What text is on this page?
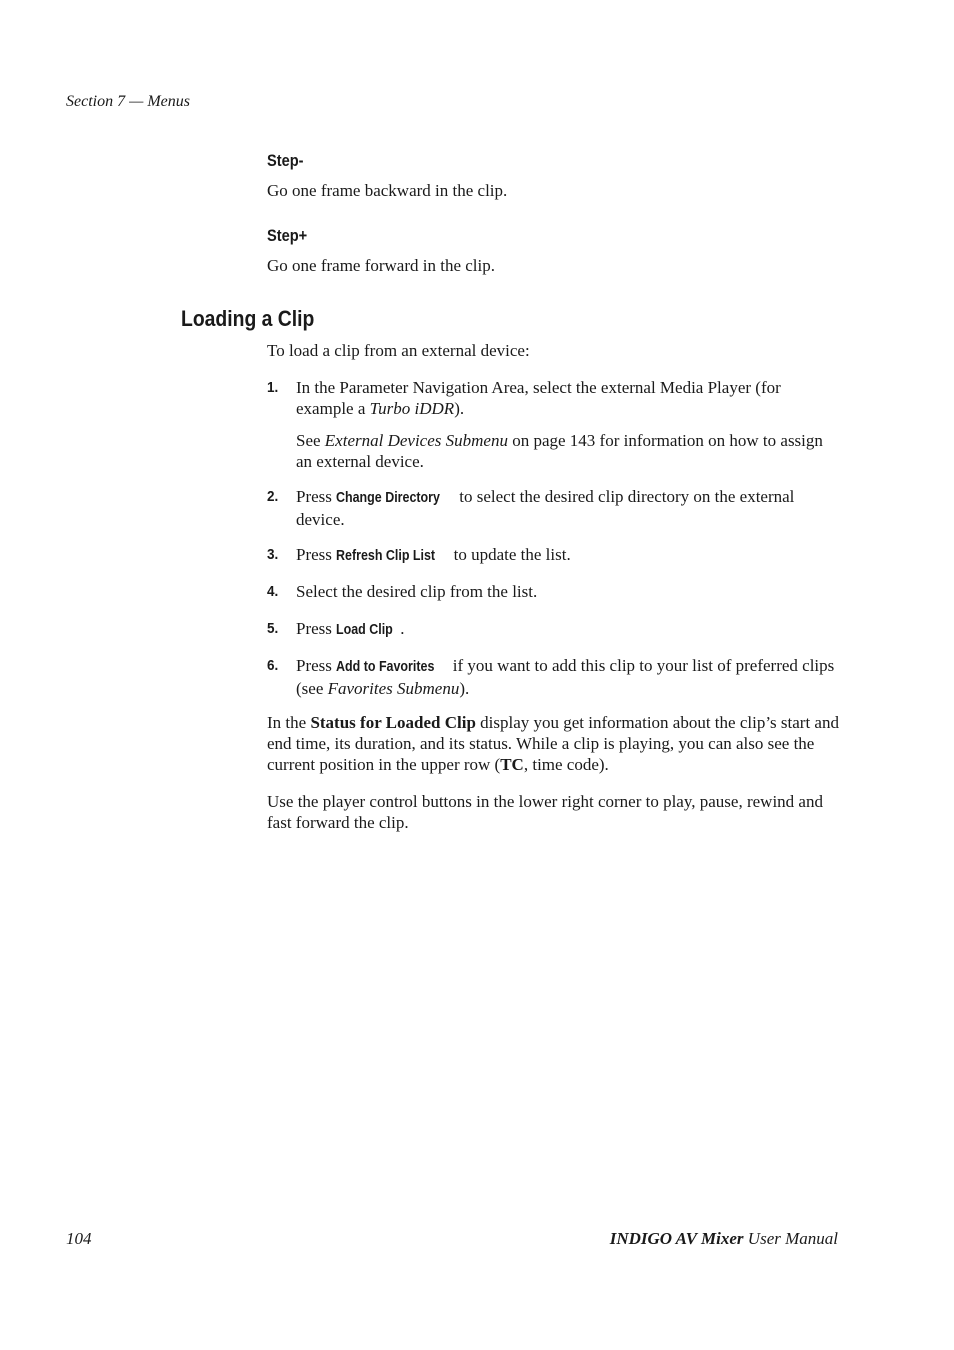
Section 7 — Menus
Step-
Go one frame backward in the clip.
Step+
Go one frame forward in the clip.
Loading a Clip
To load a clip from an external device:
1. In the Parameter Navigation Area, select the external Media Player (for example a Turbo iDDR).
See External Devices Submenu on page 143 for information on how to assign an external device.
2. Press Change Directory to select the desired clip directory on the external device.
3. Press Refresh Clip List to update the list.
4. Select the desired clip from the list.
5. Press Load Clip .
6. Press Add to Favorites if you want to add this clip to your list of preferred clips (see Favorites Submenu).
In the Status for Loaded Clip display you get information about the clip’s start and end time, its duration, and its status. While a clip is playing, you can also see the current position in the upper row (TC, time code).
Use the player control buttons in the lower right corner to play, pause, rewind and fast forward the clip.
104	INDIGO AV Mixer User Manual
